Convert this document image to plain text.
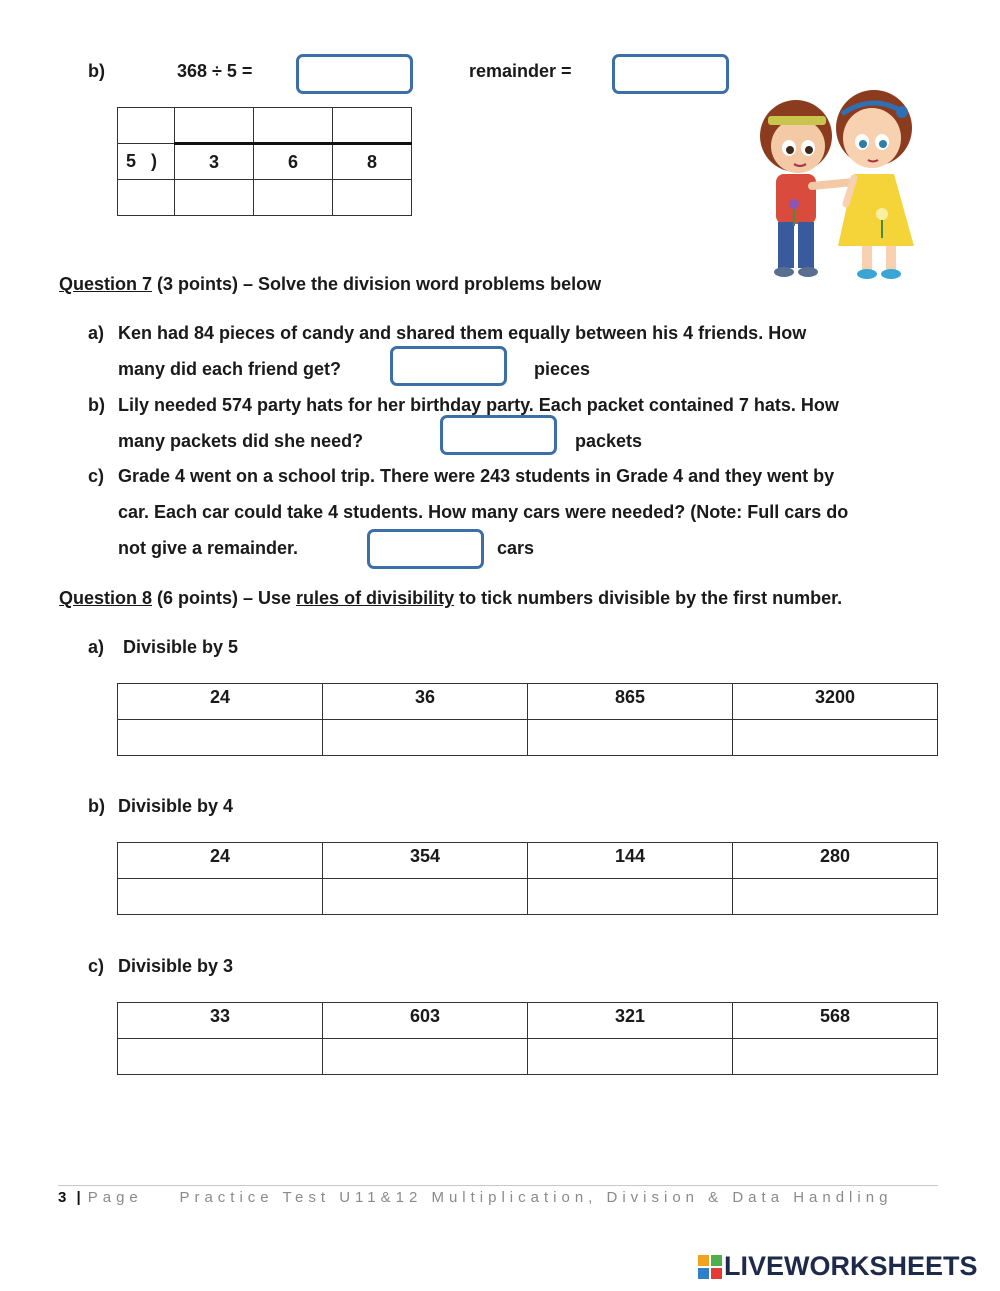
b)	368 ÷ 5 =	remainder =

5 )	3	6	8

Question 7 (3 points) – Solve the division word problems below
a) Ken had 84 pieces of candy and shared them equally between his 4 friends. How
many did each friend get?	pieces
b) Lily needed 574 party hats for her birthday party. Each packet contained 7 hats. How
many packets did she need?	packets
c) Grade 4 went on a school trip. There were 243 students in Grade 4 and they went by
car. Each car could take 4 students. How many cars were needed? (Note: Full cars do
not give a remainder.	cars
Question 8 (6 points) – Use rules of divisibility to tick numbers divisible by the first number.
a) Divisible by 5
24	36	865	3200

b) Divisible by 4
24	354	144	280

c) Divisible by 3
33	603	321	568

3 | Page Practice Test U11&12 Multiplication, Division & Data Handling
LIVEWORKSHEETS
